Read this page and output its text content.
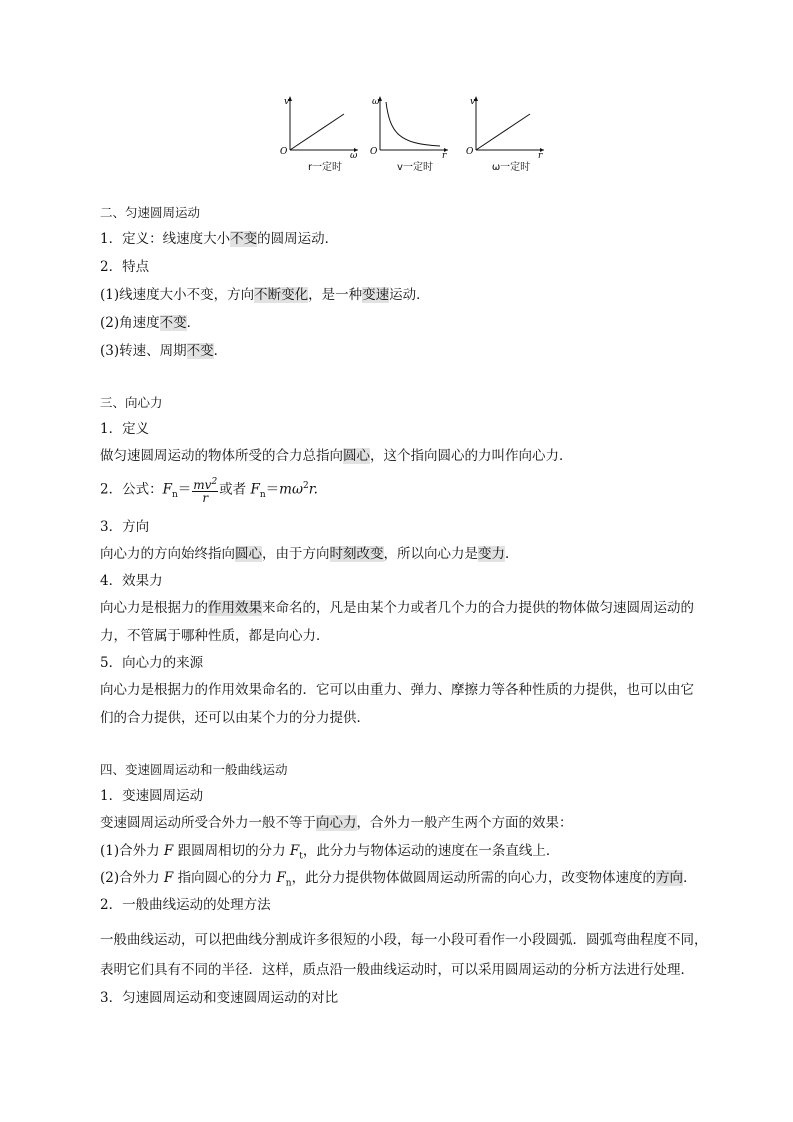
v
O	ω
r一定时
ω
O	r
v一定时
v
O	r
ω一定时
二、匀速圆周运动
1．定义：线速度大小不变的圆周运动．
2．特点
(1)线速度大小不变，方向不断变化，是一种变速运动．
(2)角速度不变．
(3)转速、周期不变．
三、向心力
1．定义
做匀速圆周运动的物体所受的合力总指向圆心，这个指向圆心的力叫作向心力．
2．公式：$F_n= \frac{mv^2}{r}$ 或者 $F_n=m\omega^2r$.
3．方向
向心力的方向始终指向圆心，由于方向时刻改变，所以向心力是变力．
4．效果力
向心力是根据力的作用效果来命名的，凡是由某个力或者几个力的合力提供的物体做匀速圆周运动的
力，不管属于哪种性质，都是向心力．
5．向心力的来源
向心力是根据力的作用效果命名的．它可以由重力、弹力、摩擦力等各种性质的力提供，也可以由它
们的合力提供，还可以由某个力的分力提供．
四、变速圆周运动和一般曲线运动
1．变速圆周运动
变速圆周运动所受合外力一般不等于向心力，合外力一般产生两个方面的效果：
(1)合外力 F 跟圆周相切的分力 $F_t$，此分力与物体运动的速度在一条直线上．
(2)合外力 F 指向圆心的分力 $F_n$，此分力提供物体做圆周运动所需的向心力，改变物体速度的方向．
2．一般曲线运动的处理方法
一般曲线运动，可以把曲线分割成许多很短的小段，每一小段可看作一小段圆弧．圆弧弯曲程度不同，
表明它们具有不同的半径．这样，质点沿一般曲线运动时，可以采用圆周运动的分析方法进行处理．
3．匀速圆周运动和变速圆周运动的对比
